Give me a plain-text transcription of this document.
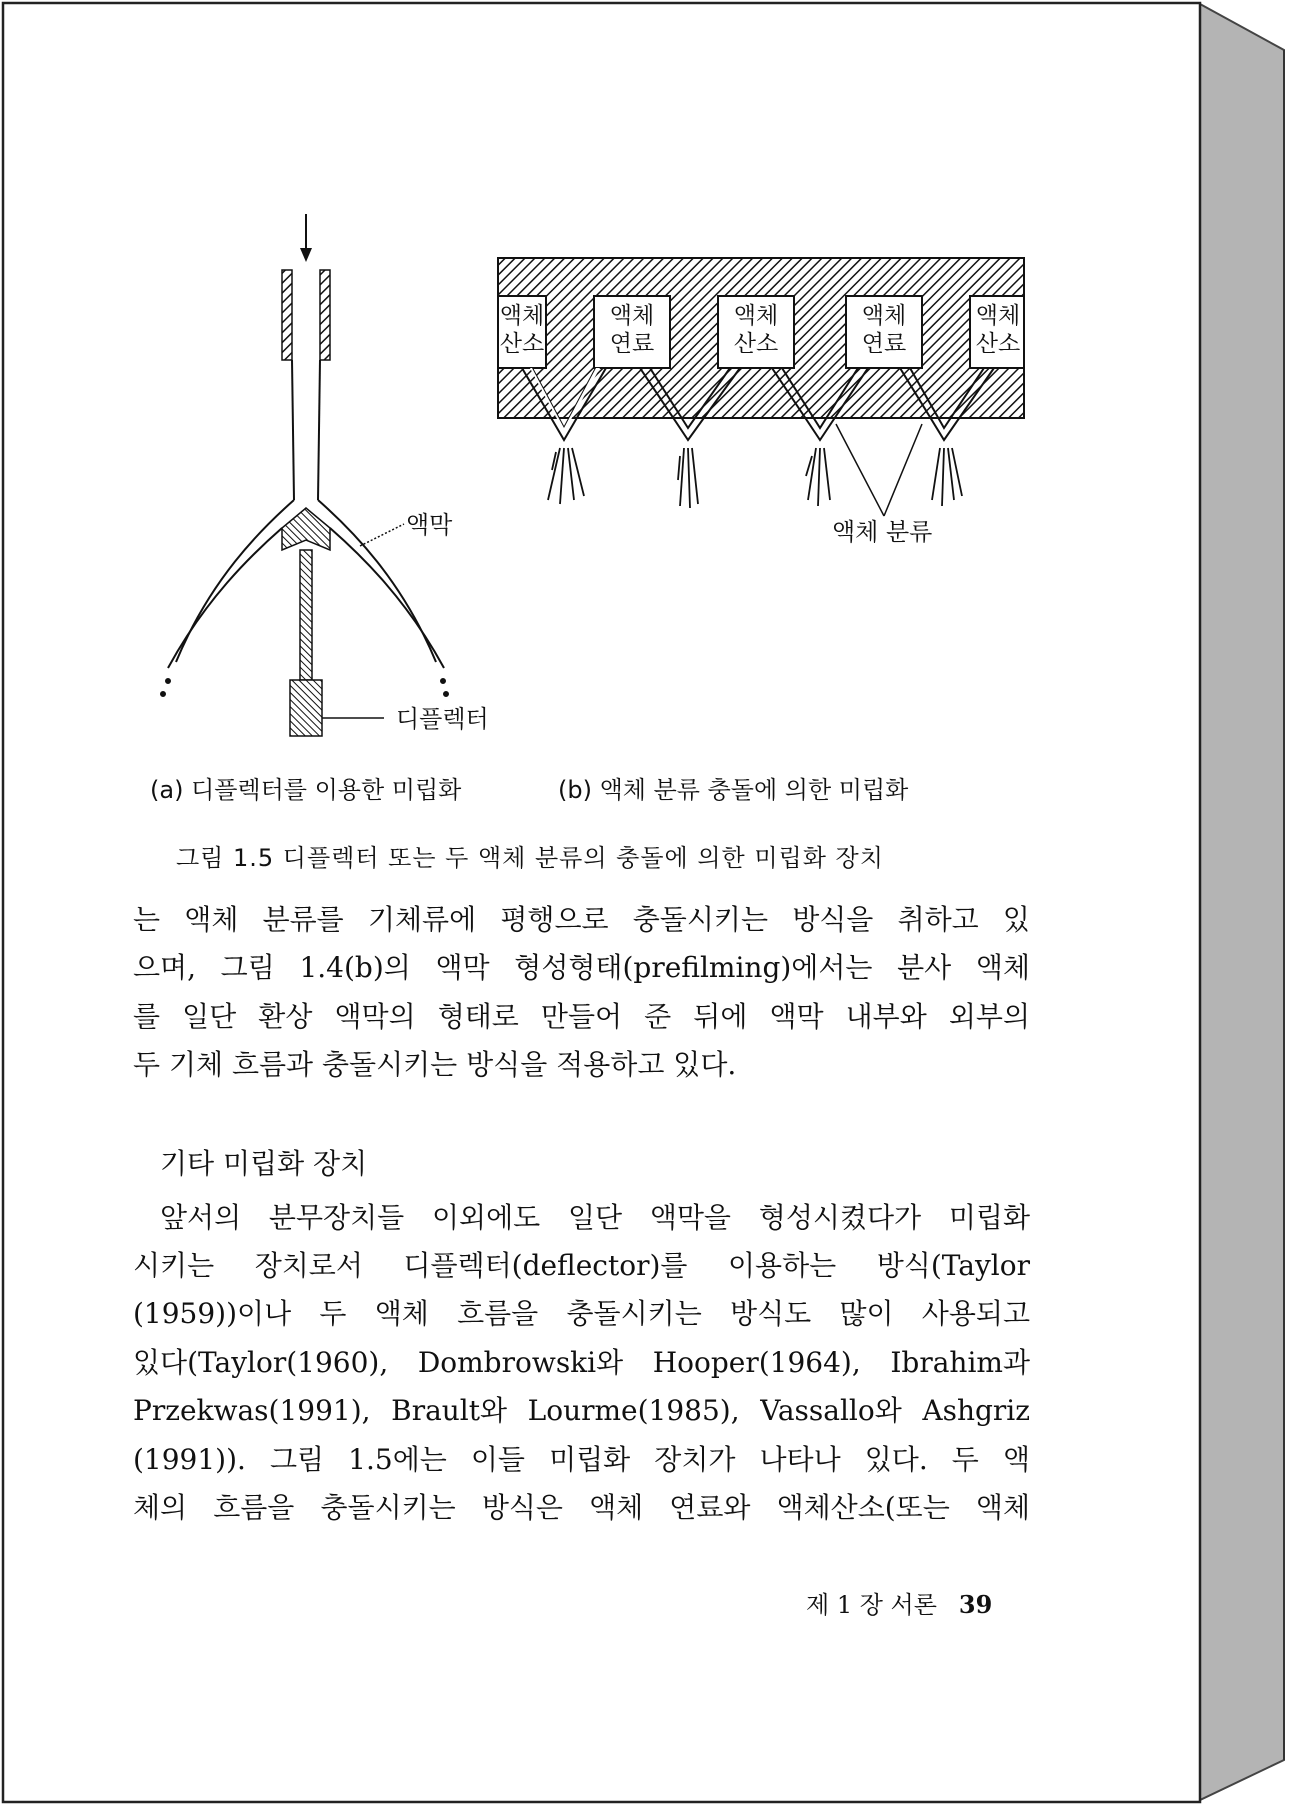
액막
디플렉터
액체
산소
액체
연료
액체
산소
액체
연료
액체
산소
액체 분류
(a) 디플렉터를 이용한 미립화	(b) 액체 분류 충돌에 의한 미립화
그림 1.5 디플렉터 또는 두 액체 분류의 충돌에 의한 미립화 장치

는 액체 분류를 기체류에 평행으로 충돌시키는 방식을 취하고 있

으며, 그림 1.4(b)의 액막 형성형태(prefilming)에서는 분사 액체

를 일단 환상 액막의 형태로 만들어 준 뒤에 액막 내부와 외부의

두 기체 흐름과 충돌시키는 방식을 적용하고 있다.

기타 미립화 장치

앞서의 분무장치들 이외에도 일단 액막을 형성시켰다가 미립화

시키는 장치로서 디플렉터(deflector)를 이용하는 방식(Taylor

(1959))이나 두 액체 흐름을 충돌시키는 방식도 많이 사용되고

있다(Taylor(1960), Dombrowski와 Hooper(1964), Ibrahim과

Przekwas(1991), Brault와 Lourme(1985), Vassallo와 Ashgriz

(1991)). 그림 1.5에는 이들 미립화 장치가 나타나 있다. 두 액

체의 흐름을 충돌시키는 방식은 액체 연료와 액체산소(또는 액체

제 1 장 서론 39
